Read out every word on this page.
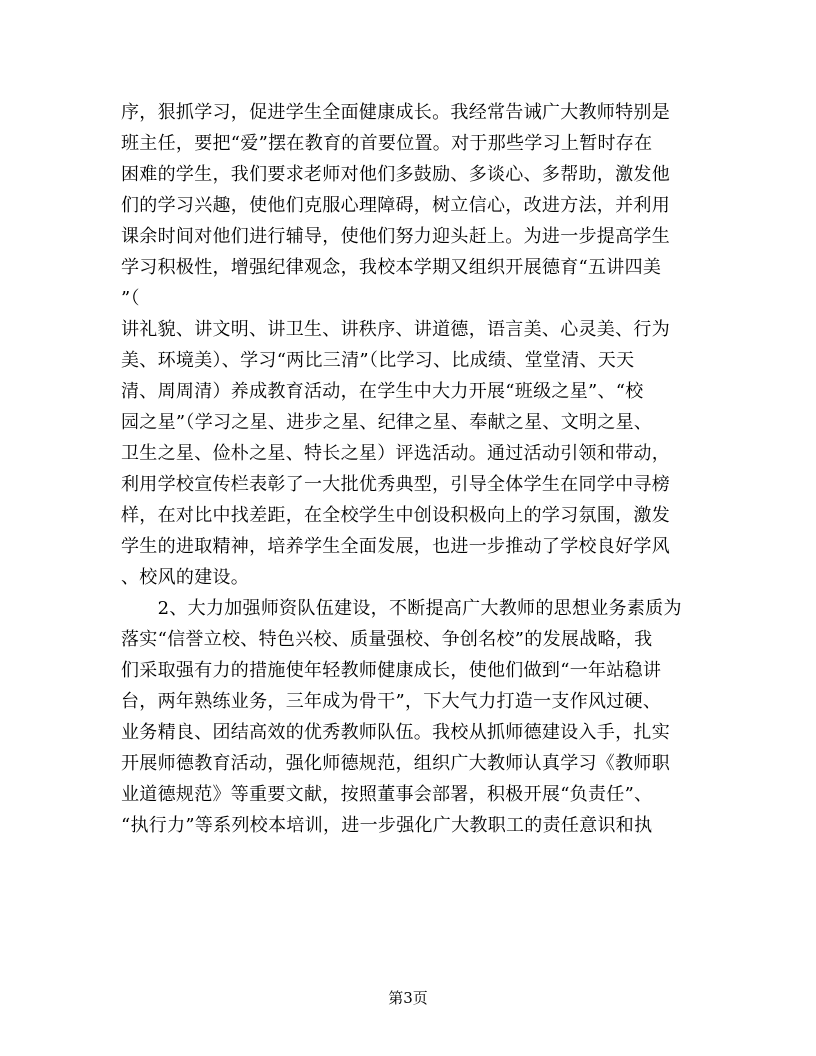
序，狠抓学习，促进学生全面健康成长。我经常告诫广大教师特别是
班主任，要把“爱”摆在教育的首要位置。对于那些学习上暂时存在
困难的学生，我们要求老师对他们多鼓励、多谈心、多帮助，激发他
们的学习兴趣，使他们克服心理障碍，树立信心，改进方法，并利用
课余时间对他们进行辅导，使他们努力迎头赶上。为进一步提高学生
学习积极性，增强纪律观念，我校本学期又组织开展德育“五讲四美
”（
讲礼貌、讲文明、讲卫生、讲秩序、讲道德，语言美、心灵美、行为
美、环境美）、学习“两比三清”（比学习、比成绩、堂堂清、天天
清、周周清）养成教育活动，在学生中大力开展“班级之星”、“校
园之星”（学习之星、进步之星、纪律之星、奉献之星、文明之星、
卫生之星、俭朴之星、特长之星）评选活动。通过活动引领和带动，
利用学校宣传栏表彰了一大批优秀典型，引导全体学生在同学中寻榜
样，在对比中找差距，在全校学生中创设积极向上的学习氛围，激发
学生的进取精神，培养学生全面发展，也进一步推动了学校良好学风
、校风的建设。
　　2、大力加强师资队伍建设，不断提高广大教师的思想业务素质为
落实“信誉立校、特色兴校、质量强校、争创名校”的发展战略，我
们采取强有力的措施使年轻教师健康成长，使他们做到“一年站稳讲
台，两年熟练业务，三年成为骨干”，下大气力打造一支作风过硬、
业务精良、团结高效的优秀教师队伍。我校从抓师德建设入手，扎实
开展师德教育活动，强化师德规范，组织广大教师认真学习《教师职
业道德规范》等重要文献，按照董事会部署，积极开展“负责任”、
“执行力”等系列校本培训，进一步强化广大教职工的责任意识和执
第3页
